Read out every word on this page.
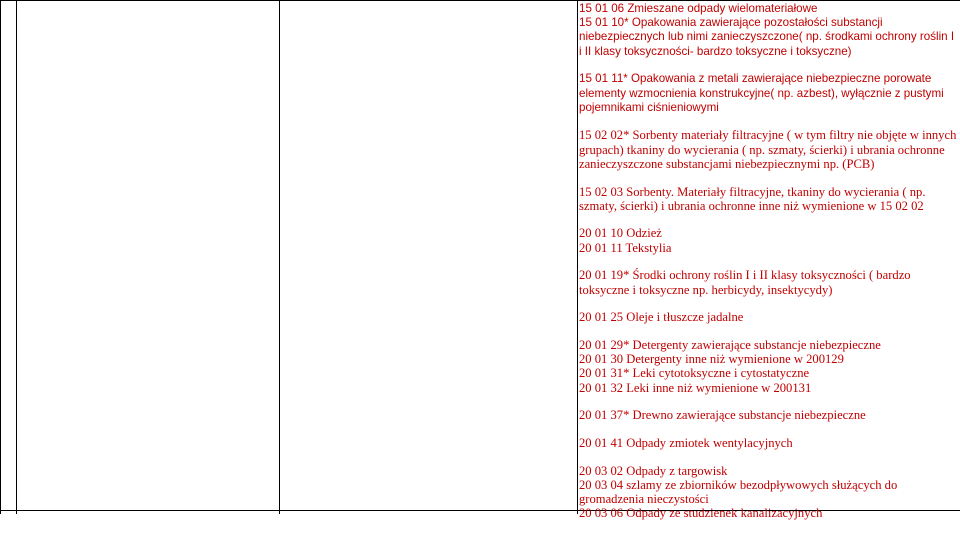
15 01 06 Zmieszane odpady wielomateriałowe
15 01 10* Opakowania zawierające pozostałości substancji
niebezpiecznych lub nimi zanieczyszczone( np. środkami ochrony roślin I
i II klasy toksyczności- bardzo toksyczne i toksyczne)
15 01 11* Opakowania z metali zawierające niebezpieczne porowate
elementy wzmocnienia konstrukcyjne( np. azbest), wyłącznie z pustymi
pojemnikami ciśnieniowymi
15 02 02* Sorbenty materiały filtracyjne ( w tym filtry nie objęte w innych
grupach) tkaniny do wycierania ( np. szmaty, ścierki) i ubrania ochronne
zanieczyszczone substancjami niebezpiecznymi np. (PCB)
15 02 03 Sorbenty. Materiały filtracyjne, tkaniny do wycierania ( np.
szmaty, ścierki) i ubrania ochronne inne niż wymienione w 15 02 02
20 01 10 Odzież
20 01 11 Tekstylia
20 01 19* Środki ochrony roślin I i II klasy toksyczności ( bardzo
toksyczne i toksyczne np. herbicydy, insektycydy)
20 01 25 Oleje i tłuszcze jadalne
20 01 29* Detergenty zawierające substancje niebezpieczne
20 01 30 Detergenty inne niż wymienione w 200129
20 01 31* Leki cytotoksyczne i cytostatyczne
20 01 32 Leki inne niż wymienione w 200131
20 01 37* Drewno zawierające substancje niebezpieczne
20 01 41 Odpady zmiotek wentylacyjnych
20 03 02 Odpady z targowisk
20 03 04 szlamy ze zbiorników bezodpływowych służących do
gromadzenia nieczystości
20 03 06 Odpady ze studzienek kanalizacyjnych
